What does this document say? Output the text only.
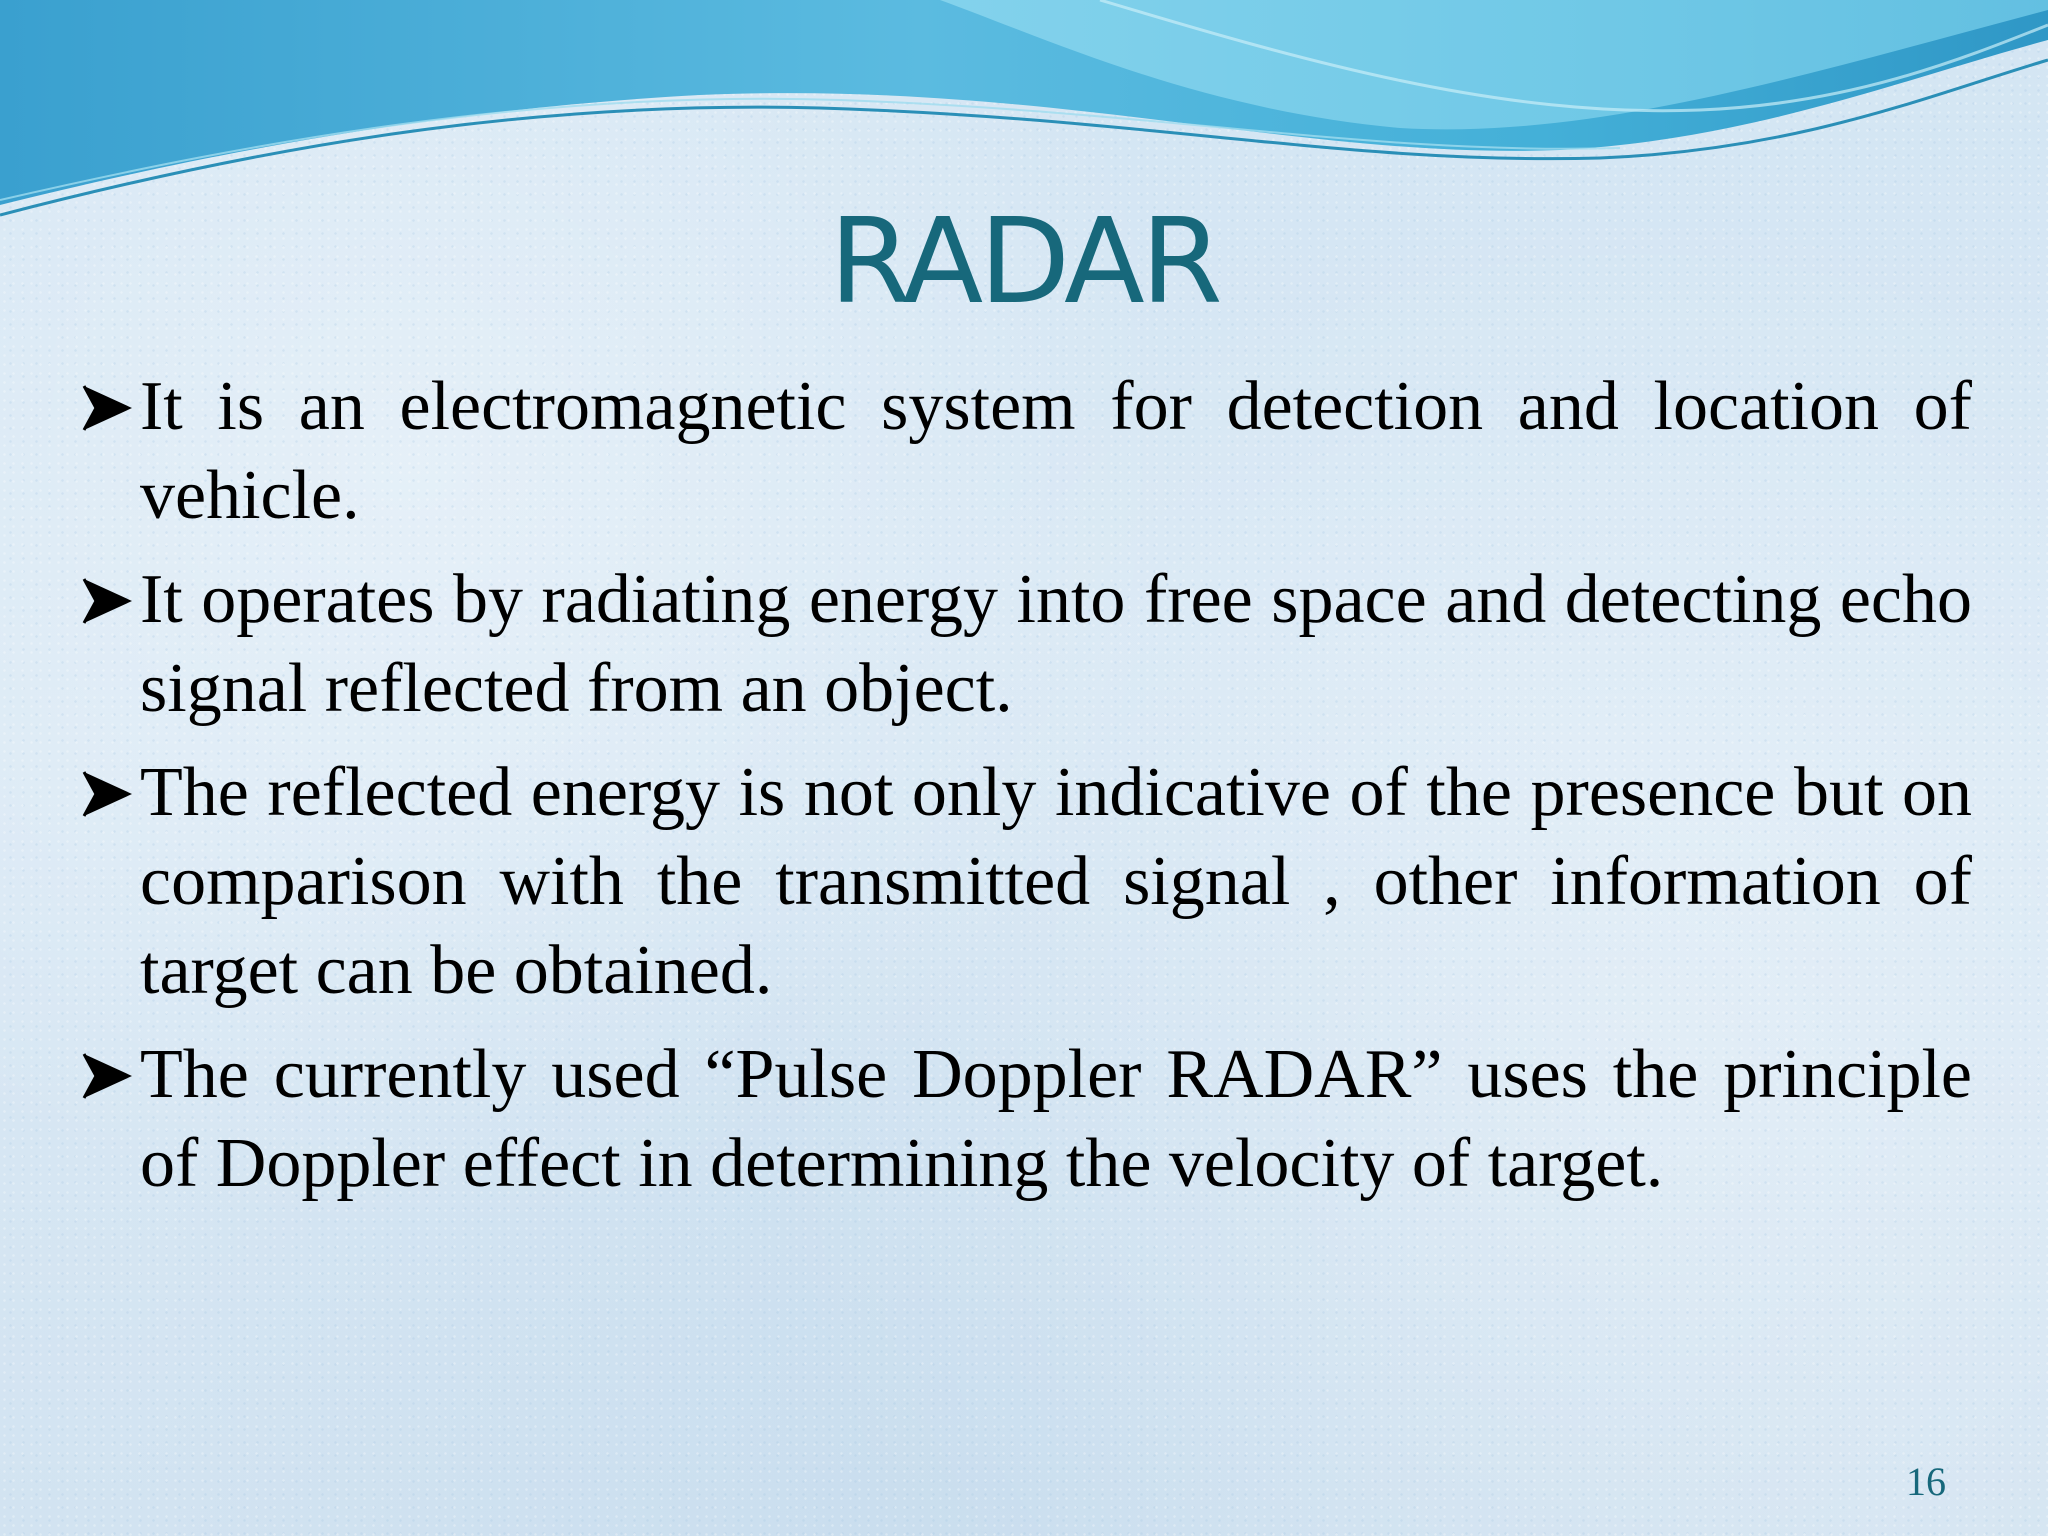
RADAR
It is an electromagnetic system for detection and location of vehicle.
It operates by radiating energy into free space and detecting echo signal reflected from an object.
The reflected energy is not only indicative of the presence but on comparison with the transmitted signal , other information of target can be obtained.
The currently used “Pulse Doppler RADAR” uses the principle of Doppler effect in determining the velocity of target.
16
